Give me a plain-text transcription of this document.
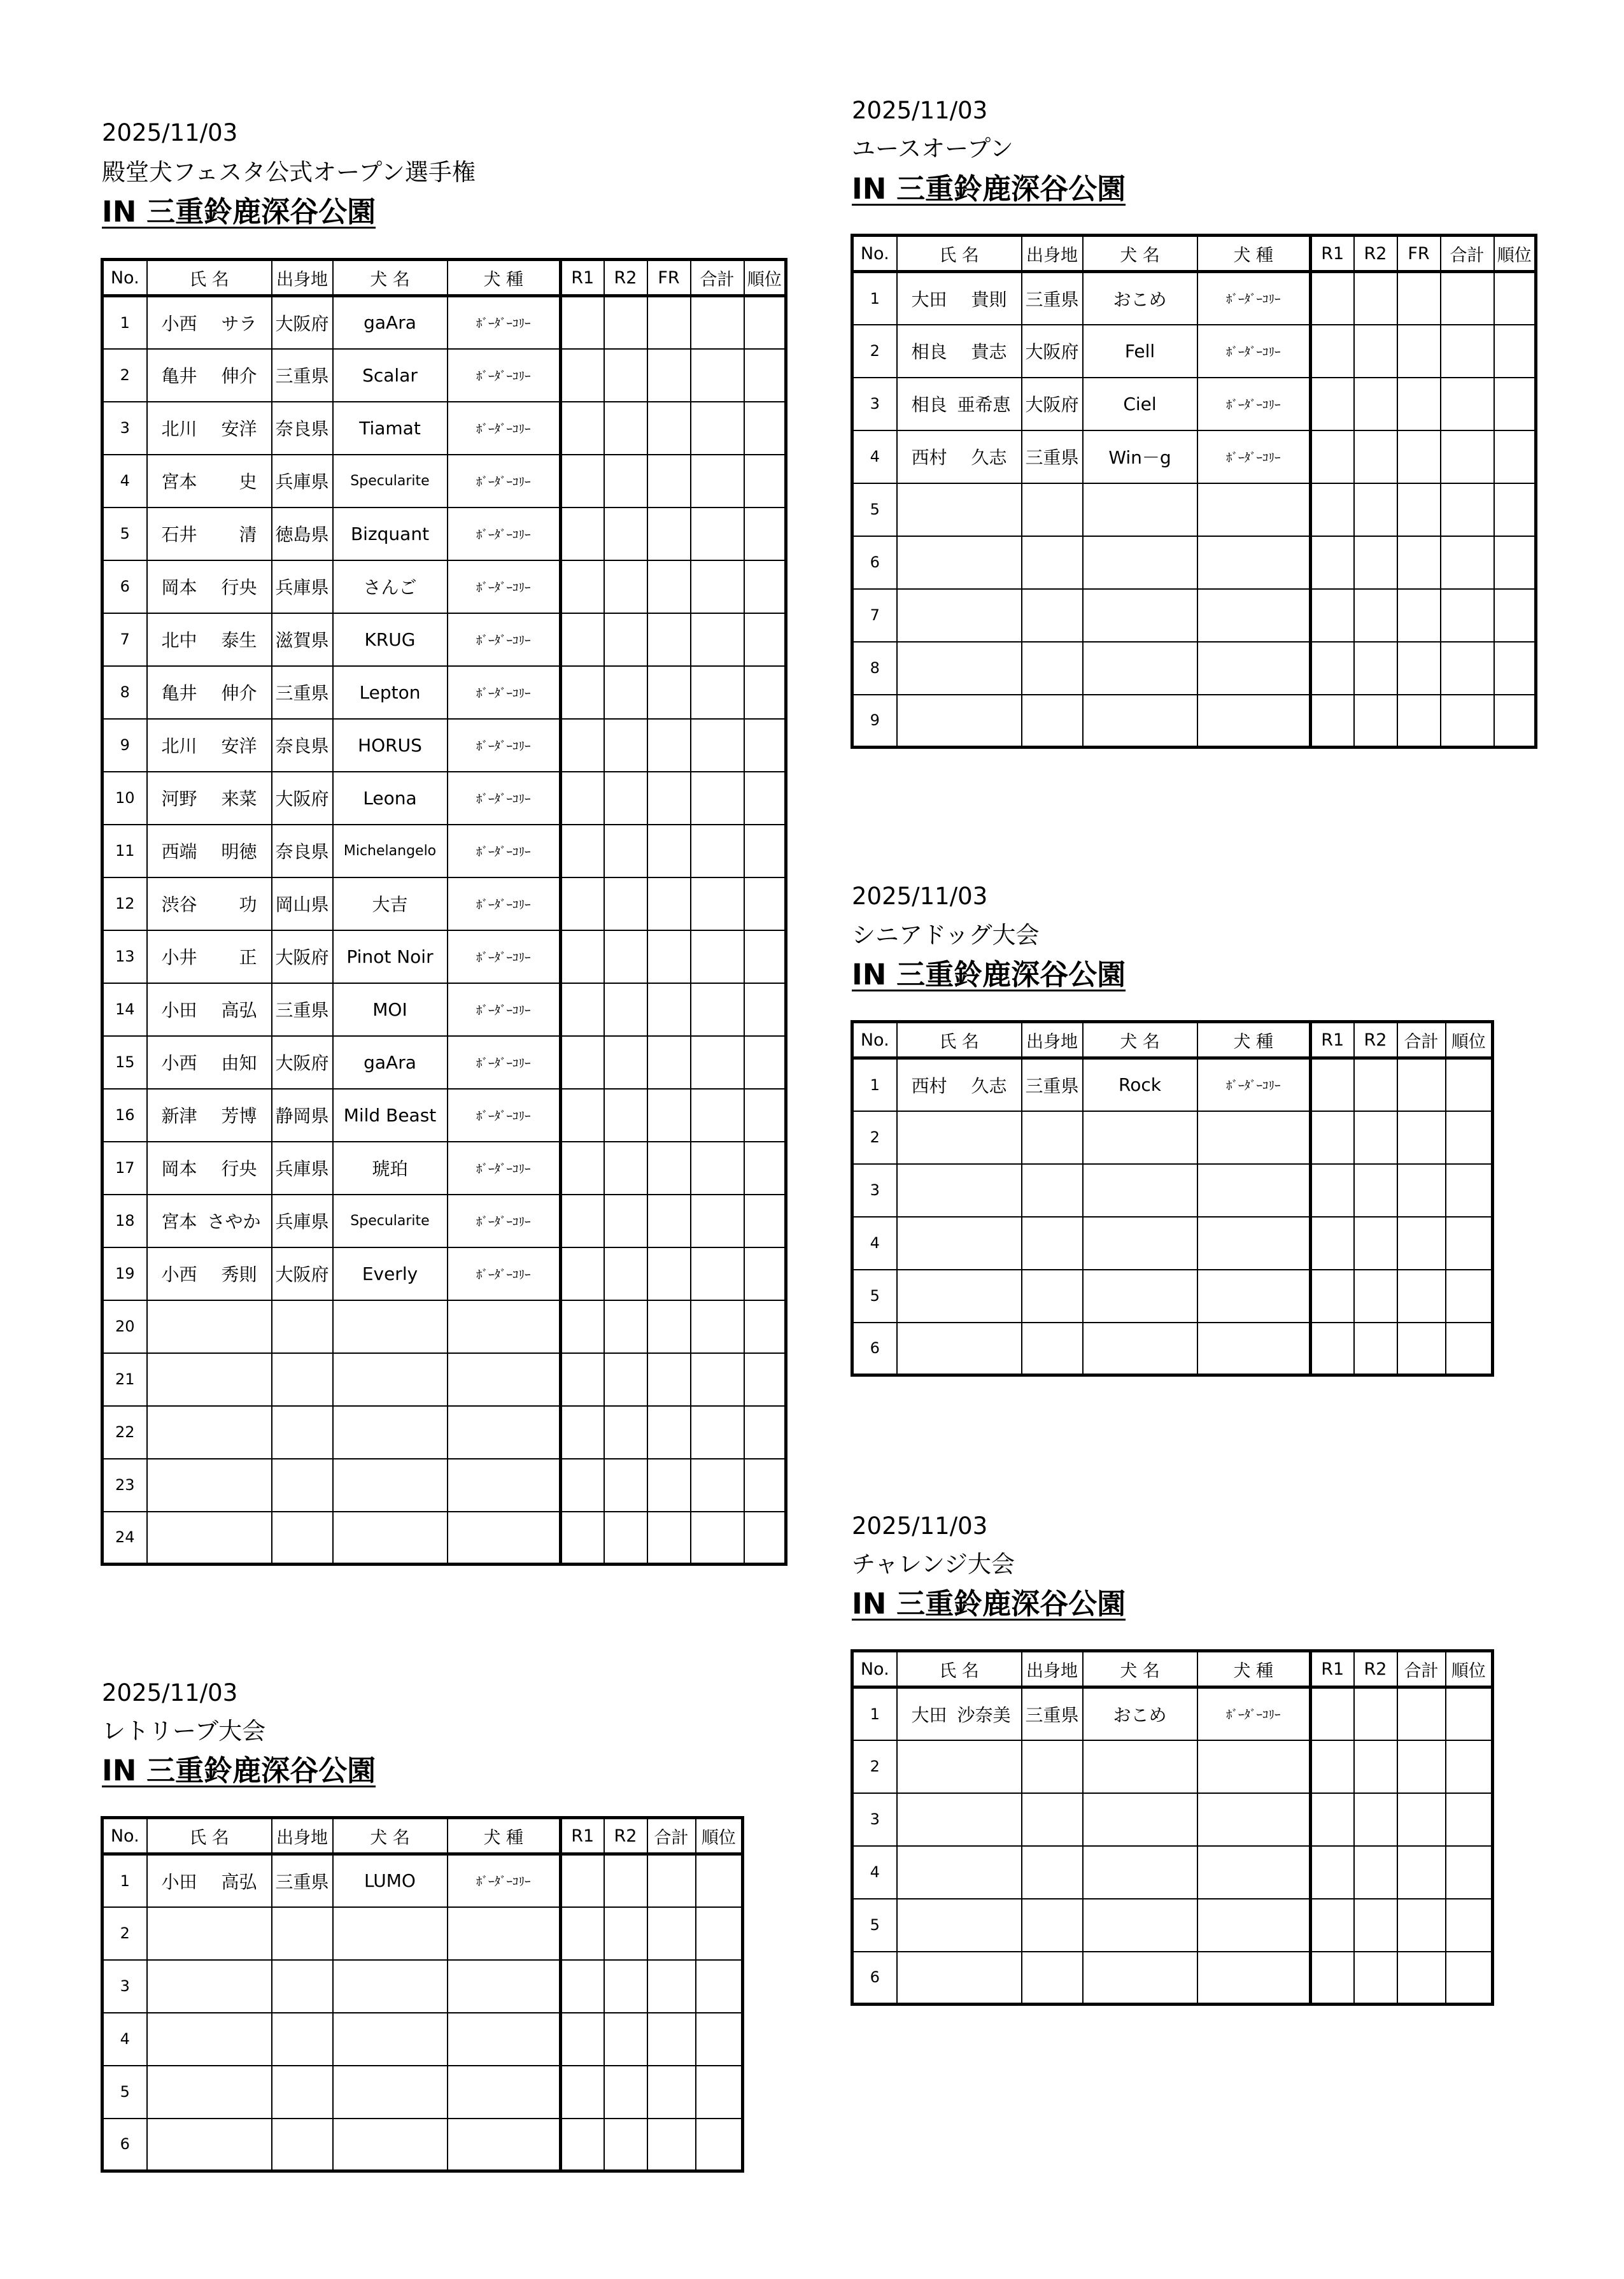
2025/11/03
殿堂犬フェスタ公式オープン選手権
IN 三重鈴鹿深谷公園
No.	氏 名	出身地	犬 名	犬 種	R1	R2	FR	合計	順位
1	小西 サラ	大阪府	gaAra	ﾎﾞｰﾀﾞｰｺﾘｰ					
2	亀井 伸介	三重県	Scalar	ﾎﾞｰﾀﾞｰｺﾘｰ					
3	北川 安洋	奈良県	Tiamat	ﾎﾞｰﾀﾞｰｺﾘｰ					
4	宮本 史	兵庫県	Specularite	ﾎﾞｰﾀﾞｰｺﾘｰ					
5	石井 清	徳島県	Bizquant	ﾎﾞｰﾀﾞｰｺﾘｰ					
6	岡本 行央	兵庫県	さんご	ﾎﾞｰﾀﾞｰｺﾘｰ					
7	北中 泰生	滋賀県	KRUG	ﾎﾞｰﾀﾞｰｺﾘｰ					
8	亀井 伸介	三重県	Lepton	ﾎﾞｰﾀﾞｰｺﾘｰ					
9	北川 安洋	奈良県	HORUS	ﾎﾞｰﾀﾞｰｺﾘｰ					
10	河野 来菜	大阪府	Leona	ﾎﾞｰﾀﾞｰｺﾘｰ					
11	西端 明徳	奈良県	Michelangelo	ﾎﾞｰﾀﾞｰｺﾘｰ					
12	渋谷 功	岡山県	大吉	ﾎﾞｰﾀﾞｰｺﾘｰ					
13	小井 正	大阪府	Pinot Noir	ﾎﾞｰﾀﾞｰｺﾘｰ					
14	小田 高弘	三重県	MOI	ﾎﾞｰﾀﾞｰｺﾘｰ					
15	小西 由知	大阪府	gaAra	ﾎﾞｰﾀﾞｰｺﾘｰ					
16	新津 芳博	静岡県	Mild Beast	ﾎﾞｰﾀﾞｰｺﾘｰ					
17	岡本 行央	兵庫県	琥珀	ﾎﾞｰﾀﾞｰｺﾘｰ					
18	宮本 さやか	兵庫県	Specularite	ﾎﾞｰﾀﾞｰｺﾘｰ					
19	小西 秀則	大阪府	Everly	ﾎﾞｰﾀﾞｰｺﾘｰ					
20									
21									
22									
23									
24									
2025/11/03
ユースオープン
IN 三重鈴鹿深谷公園
No.	氏 名	出身地	犬 名	犬 種	R1	R2	FR	合計	順位
1	大田 貴則	三重県	おこめ	ﾎﾞｰﾀﾞｰｺﾘｰ					
2	相良 貴志	大阪府	Fell	ﾎﾞｰﾀﾞｰｺﾘｰ					
3	相良 亜希恵	大阪府	Ciel	ﾎﾞｰﾀﾞｰｺﾘｰ					
4	西村 久志	三重県	Win－g	ﾎﾞｰﾀﾞｰｺﾘｰ					
5									
6									
7									
8									
9									
2025/11/03
シニアドッグ大会
IN 三重鈴鹿深谷公園
No.	氏 名	出身地	犬 名	犬 種	R1	R2	合計	順位
1	西村 久志	三重県	Rock	ﾎﾞｰﾀﾞｰｺﾘｰ				
2								
3								
4								
5								
6								
2025/11/03
チャレンジ大会
IN 三重鈴鹿深谷公園
No.	氏 名	出身地	犬 名	犬 種	R1	R2	合計	順位
1	大田 沙奈美	三重県	おこめ	ﾎﾞｰﾀﾞｰｺﾘｰ				
2								
3								
4								
5								
6								
2025/11/03
レトリーブ大会
IN 三重鈴鹿深谷公園
No.	氏 名	出身地	犬 名	犬 種	R1	R2	合計	順位
1	小田 高弘	三重県	LUMO	ﾎﾞｰﾀﾞｰｺﾘｰ				
2								
3								
4								
5								
6								
